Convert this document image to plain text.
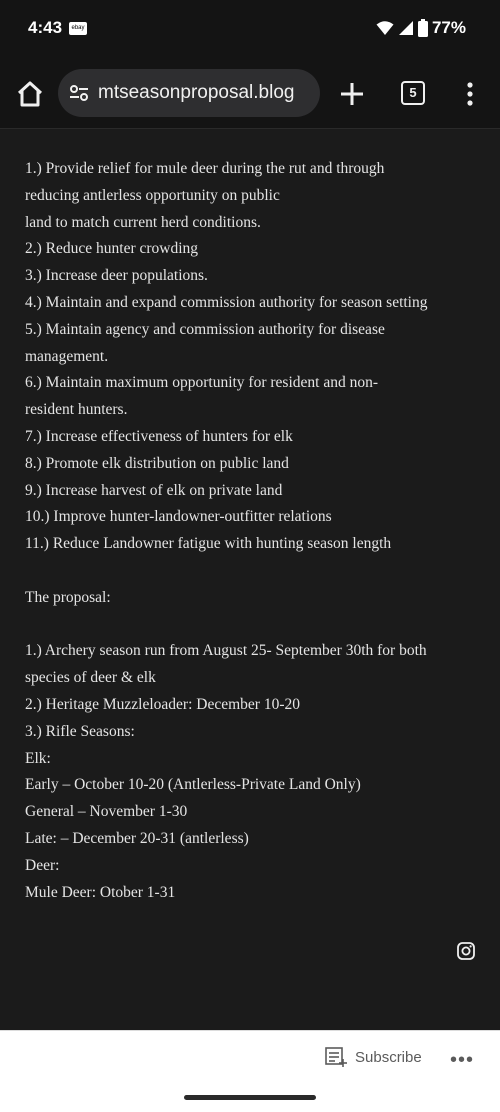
4:43	ebay	77%
mtseasonproposal.blog	5
1.) Provide relief for mule deer during the rut and through
reducing antlerless opportunity on public
land to match current herd conditions.
2.) Reduce hunter crowding
3.) Increase deer populations.
4.) Maintain and expand commission authority for season setting
5.) Maintain agency and commission authority for disease
management.
6.) Maintain maximum opportunity for resident and non-
resident hunters.
7.) Increase effectiveness of hunters for elk
8.) Promote elk distribution on public land
9.) Increase harvest of elk on private land
10.) Improve hunter-landowner-outfitter relations
11.) Reduce Landowner fatigue with hunting season length
The proposal:
1.) Archery season run from August 25- September 30th for both
species of deer & elk
2.) Heritage Muzzleloader: December 10-20
3.) Rifle Seasons:
Elk:
Early – October 10-20 (Antlerless-Private Land Only)
General – November 1-30
Late: – December 20-31 (antlerless)
Deer:
Mule Deer: Otober 1-31
Subscribe •••
